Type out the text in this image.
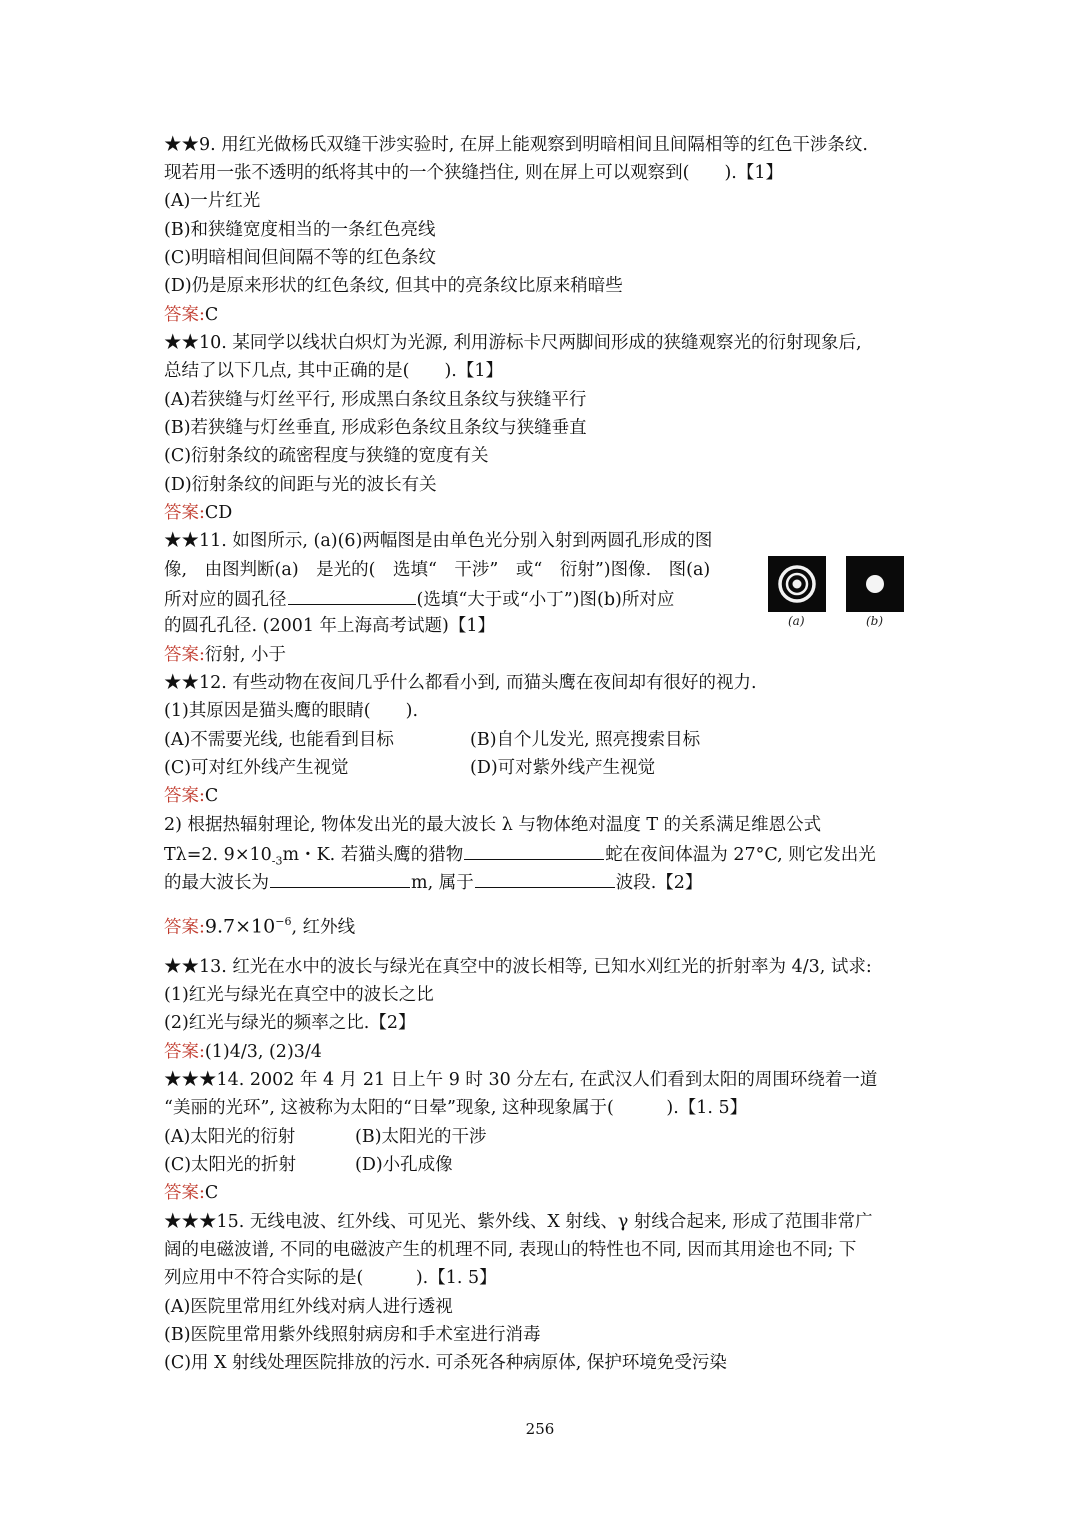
★★9. 用红光做杨氏双缝干涉实验时, 在屏上能观察到明暗相间且间隔相等的红色干涉条纹.
现若用一张不透明的纸将其中的一个狭缝挡住, 则在屏上可以观察到(　　).【1】
(A)一片红光
(B)和狭缝宽度相当的一条红色亮线
(C)明暗相间但间隔不等的红色条纹
(D)仍是原来形状的红色条纹, 但其中的亮条纹比原来稍暗些
答案:C
★★10. 某同学以线状白炽灯为光源, 利用游标卡尺两脚间形成的狭缝观察光的衍射现象后,
总结了以下几点, 其中正确的是(　　).【1】
(A)若狭缝与灯丝平行, 形成黑白条纹且条纹与狭缝平行
(B)若狭缝与灯丝垂直, 形成彩色条纹且条纹与狭缝垂直
(C)衍射条纹的疏密程度与狭缝的宽度有关
(D)衍射条纹的间距与光的波长有关
答案:CD
★★11. 如图所示, (a)(6)两幅图是由单色光分别入射到两圆孔形成的图
像,　由图判断(a)　是光的(　选填“　干涉”　或“　衍射”)图像.　图(a)
所对应的圆孔径	(选填“大于或“小丁”)图(b)所对应
的圆孔孔径. (2001 年上海高考试题)【1】
答案:衍射, 小于
(a)	(b)
★★12. 有些动物在夜间几乎什么都看小到, 而猫头鹰在夜间却有很好的视力.
(1)其原因是猫头鹰的眼睛(　　).
(A)不需要光线, 也能看到目标	(B)自个儿发光, 照亮搜索目标
(C)可对红外线产生视觉	(D)可对紫外线产生视觉
答案:C
2) 根据热辐射理论, 物体发出光的最大波长 λ 与物体绝对温度 T 的关系满足维恩公式
Tλ=2. $9\times 10_{-3}m$・K. 若猫头鹰的猎物	蛇在夜间体温为 27°C, 则它发出光
的最大波长为	m, 属于	波段.【2】
答案$:9.7\times 10^{-6}$, 红外线
★★13. 红光在水中的波长与绿光在真空中的波长相等, 已知水刈红光的折射率为 4/3, 试求:
(1)红光与绿光在真空中的波长之比
(2)红光与绿光的频率之比.【2】
答案:(1)4/3, (2)3/4
★★★14. 2002 年 4 月 21 日上午 9 时 30 分左右, 在武汉人们看到太阳的周围环绕着一道
“美丽的光环”, 这被称为太阳的“日晕”现象, 这种现象属于(　　　).【1. 5】
(A)太阳光的衍射	(B)太阳光的干涉
(C)太阳光的折射	(D)小孔成像
答案:C
★★★15. 无线电波、红外线、可见光、紫外线、X 射线、γ 射线合起来, 形成了范围非常广
阔的电磁波谱, 不同的电磁波产生的机理不同, 表现山的特性也不同, 因而其用途也不同; 下
列应用中不符合实际的是(　　　).【1. 5】
(A)医院里常用红外线对病人进行透视
(B)医院里常用紫外线照射病房和手术室进行消毒
(C)用 X 射线处理医院排放的污水. 可杀死各种病原体, 保护环境免受污染
256
